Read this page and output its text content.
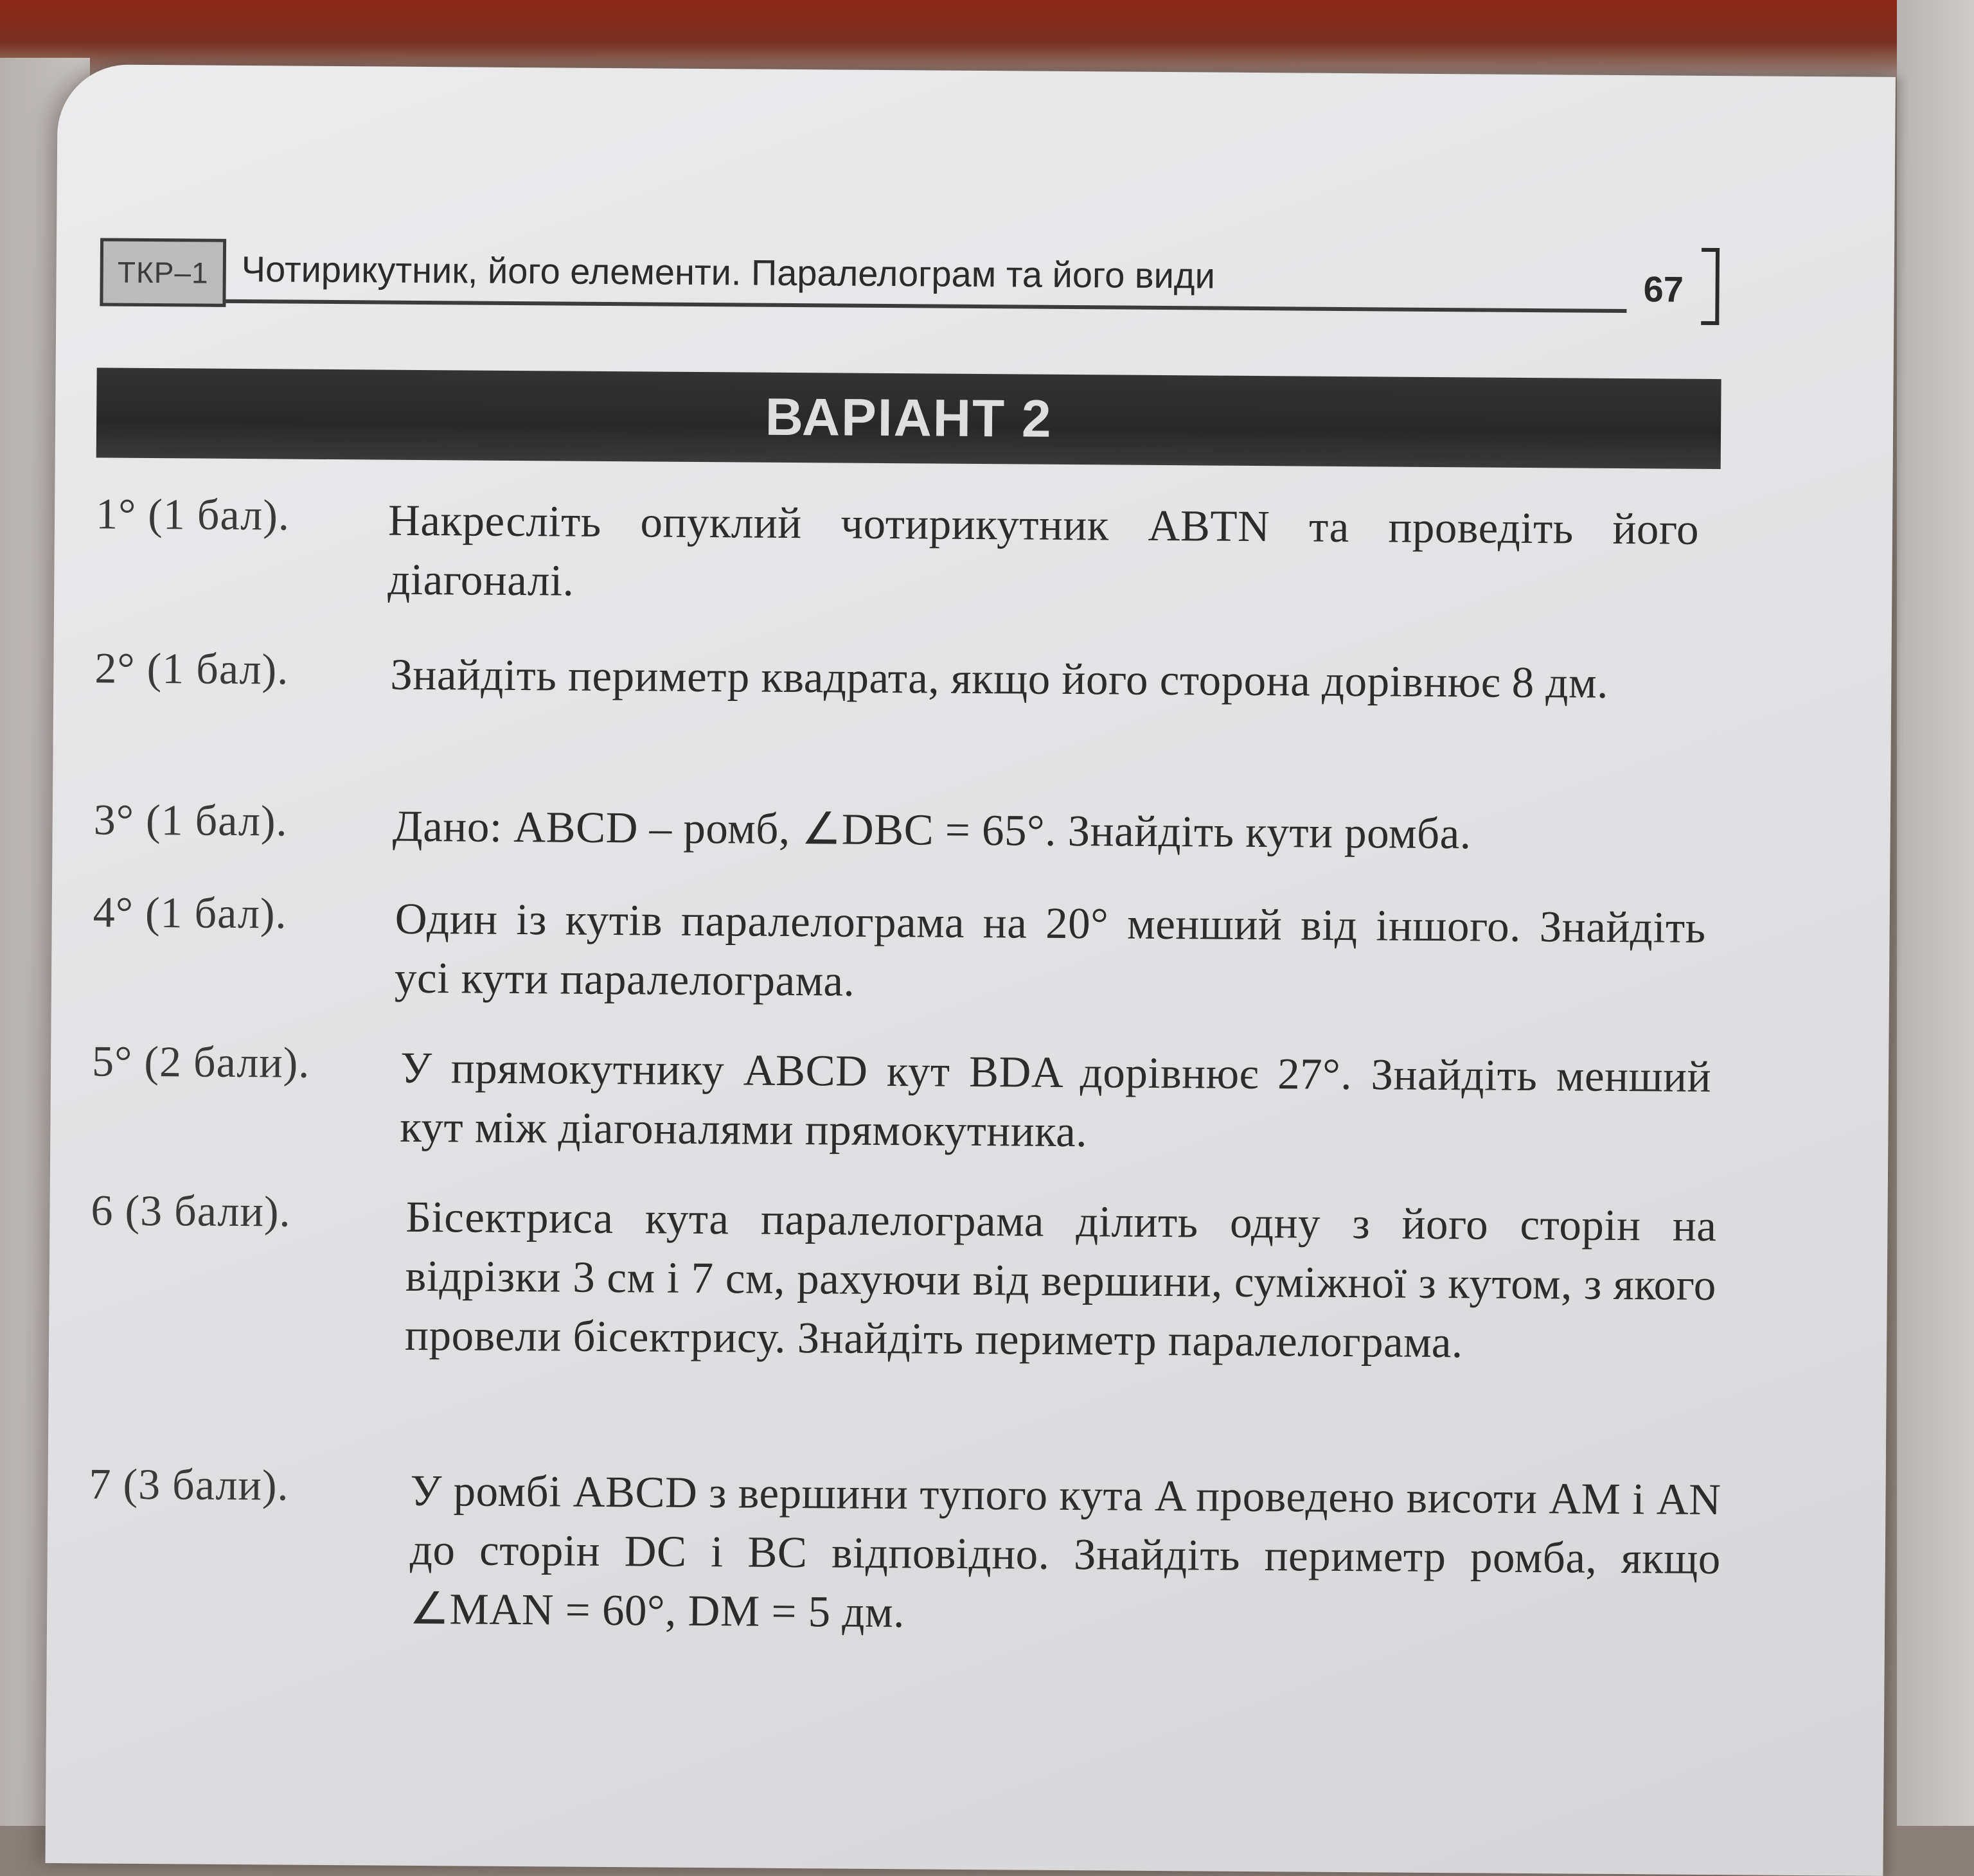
ТКР–1 Чотирикутник, його елементи. Паралелограм та його види	67
ВАРІАНТ 2
1° (1 бал). Накресліть опуклий чотирикутник ABTN та проведіть його діагоналі.
2° (1 бал). Знайдіть периметр квадрата, якщо його сторона дорівнює 8 дм.
3° (1 бал). Дано: ABCD – ромб, ∠DBC = 65°. Знайдіть кути ромба.
4° (1 бал). Один із кутів паралелограма на 20° менший від іншого. Знайдіть усі кути паралелограма.
5° (2 бали). У прямокутнику ABCD кут BDA дорівнює 27°. Знайдіть менший кут між діагоналями прямокутника.
6 (3 бали).	Бісектриса кута паралелограма ділить одну з його сторін на відрізки 3 см і 7 см, рахуючи від вершини, суміжної з кутом, з якого провели бісектрису. Знайдіть периметр паралелограма.
7 (3 бали).	У ромбі ABCD з вершини тупого кута A проведено висоти AM і AN до сторін DC і BC відповідно. Знайдіть периметр ромба, якщо ∠MAN = 60°, DM = 5 дм.
